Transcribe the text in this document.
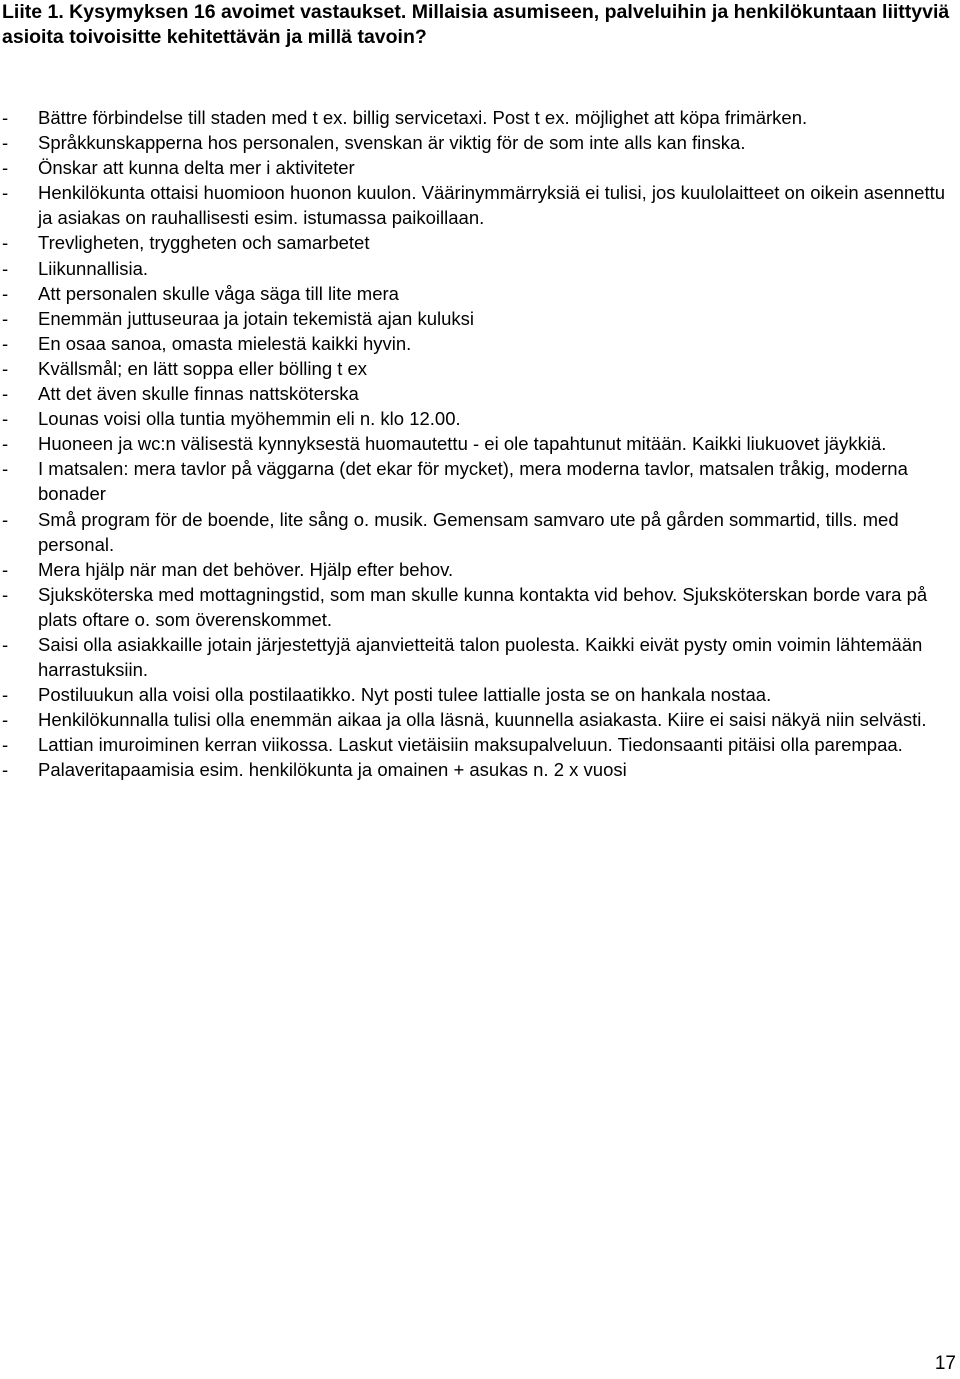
Liite 1. Kysymyksen 16 avoimet vastaukset. Millaisia asumiseen, palveluihin ja henkilökuntaan liittyviä asioita toivoisitte kehitettävän ja millä tavoin?
- Bättre förbindelse till staden med t ex. billig servicetaxi. Post t ex. möjlighet att köpa frimärken.
- Språkkunskapperna hos personalen, svenskan är viktig för de som inte alls kan finska.
- Önskar att kunna delta mer i aktiviteter
- Henkilökunta ottaisi huomioon huonon kuulon. Väärinymmärryksiä ei tulisi, jos kuulolaitteet on oikein asennettu ja asiakas on rauhallisesti esim. istumassa paikoillaan.
- Trevligheten, tryggheten och samarbetet
- Liikunnallisia.
- Att personalen skulle våga säga till lite mera
- Enemmän juttuseuraa ja jotain tekemistä ajan kuluksi
- En osaa sanoa, omasta mielestä kaikki hyvin.
- Kvällsmål; en lätt soppa eller bölling t ex
- Att det även skulle finnas nattsköterska
- Lounas voisi olla tuntia myöhemmin eli n. klo 12.00.
- Huoneen ja wc:n välisestä kynnyksestä huomautettu - ei ole tapahtunut mitään. Kaikki liukuovet jäykkiä.
- I matsalen: mera tavlor på väggarna (det ekar för mycket), mera moderna tavlor, matsalen tråkig, moderna bonader
- Små program för de boende, lite sång o. musik. Gemensam samvaro ute på gården sommartid, tills. med personal.
- Mera hjälp när man det behöver. Hjälp efter behov.
- Sjuksköterska med mottagningstid, som man skulle kunna kontakta vid behov. Sjuksköterskan borde vara på plats oftare o. som överenskommet.
- Saisi olla asiakkaille jotain järjestettyjä ajanvietteitä talon puolesta. Kaikki eivät pysty omin voimin lähtemään harrastuksiin.
- Postiluukun alla voisi olla postilaatikko. Nyt posti tulee lattialle josta se on hankala nostaa.
- Henkilökunnalla tulisi olla enemmän aikaa ja olla läsnä, kuunnella asiakasta. Kiire ei saisi näkyä niin selvästi.
- Lattian imuroiminen kerran viikossa. Laskut vietäisiin maksupalveluun. Tiedonsaanti pitäisi olla parempaa.
- Palaveritapaamisia esim. henkilökunta ja omainen + asukas n. 2 x vuosi
17
